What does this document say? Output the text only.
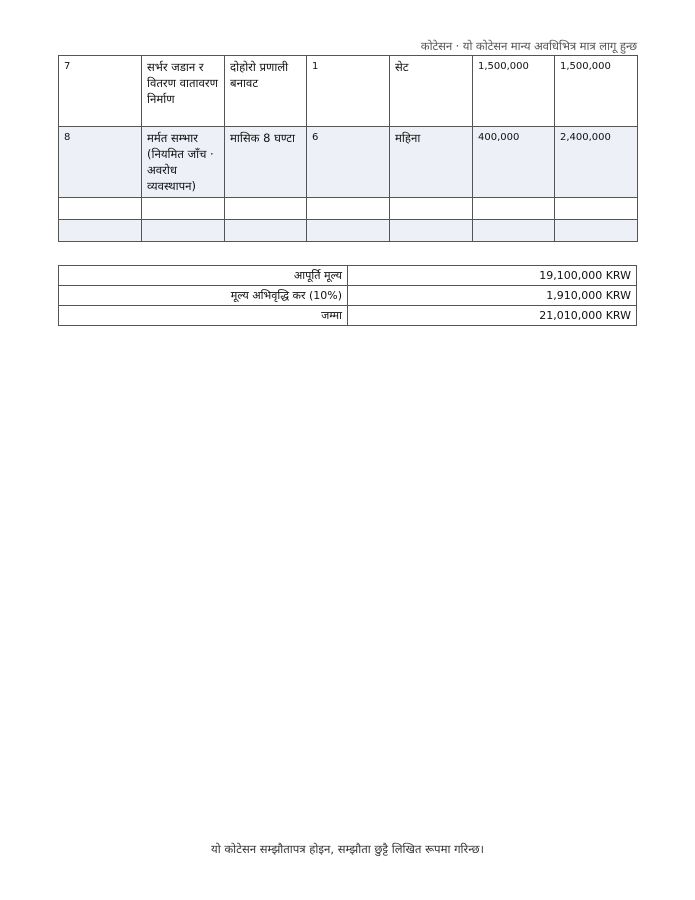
कोटेसन · यो कोटेसन मान्य अवधिभित्र मात्र लागू हुन्छ
7	सर्भर जडान र वितरण वातावरण निर्माण	दोहोरो प्रणाली बनावट	1	सेट	1,500,000	1,500,000
8	मर्मत सम्भार (नियमित जाँच · अवरोध व्यवस्थापन)	मासिक 8 घण्टा	6	महिना	400,000	2,400,000

आपूर्ति मूल्य	19,100,000 KRW
मूल्य अभिवृद्धि कर (10%)	1,910,000 KRW
जम्मा	21,010,000 KRW
यो कोटेसन सम्झौतापत्र होइन, सम्झौता छुट्टै लिखित रूपमा गरिन्छ।
